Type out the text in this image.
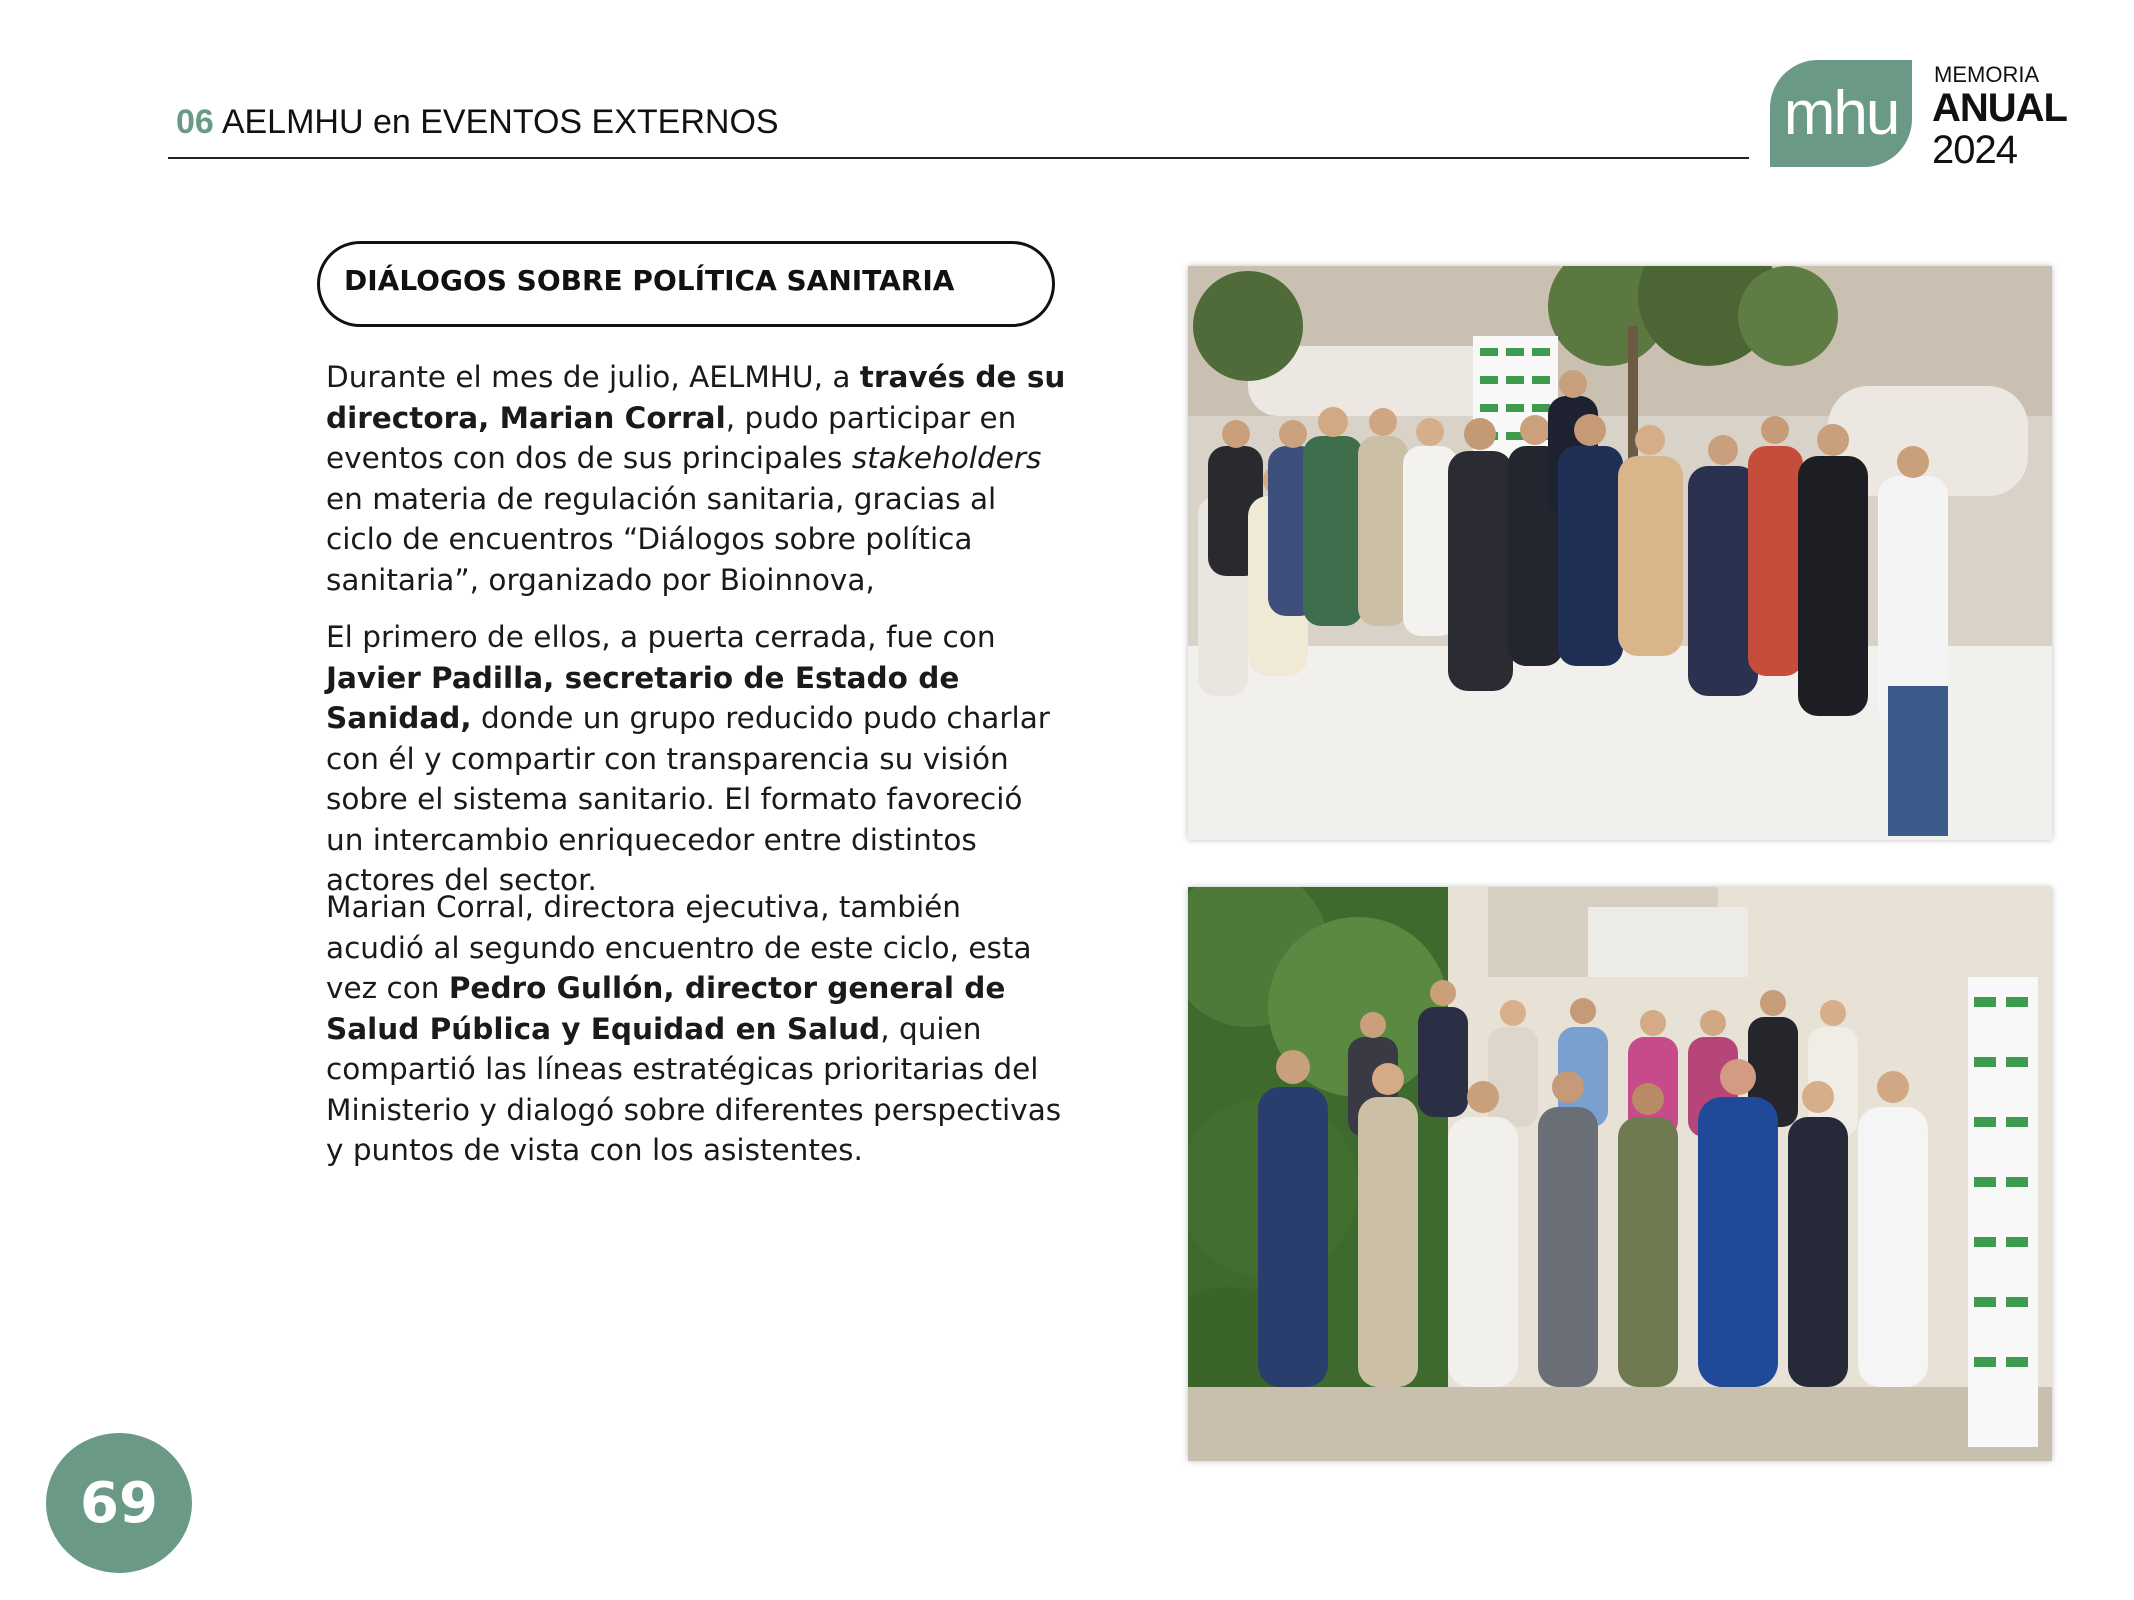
06 AELMHU en EVENTOS EXTERNOS	mhu
MEMORIA
ANUAL
2024
DIÁLOGOS SOBRE POLÍTICA SANITARIA

Durante el mes de julio, AELMHU, a través de su directora, Marian Corral, pudo participar en eventos con dos de sus principales stakeholders en materia de regulación sanitaria, gracias al ciclo de encuentros “Diálogos sobre política sanitaria”, organizado por Bioinnova,

El primero de ellos, a puerta cerrada, fue con Javier Padilla, secretario de Estado de Sanidad, donde un grupo reducido pudo charlar con él y compartir con transparencia su visión sobre el sistema sanitario. El formato favoreció un intercambio enriquecedor entre distintos actores del sector.

Marian Corral, directora ejecutiva, también acudió al segundo encuentro de este ciclo, esta vez con Pedro Gullón, director general de Salud Pública y Equidad en Salud, quien compartió las líneas estratégicas prioritarias del Ministerio y dialogó sobre diferentes perspectivas y puntos de vista con los asistentes.

69
